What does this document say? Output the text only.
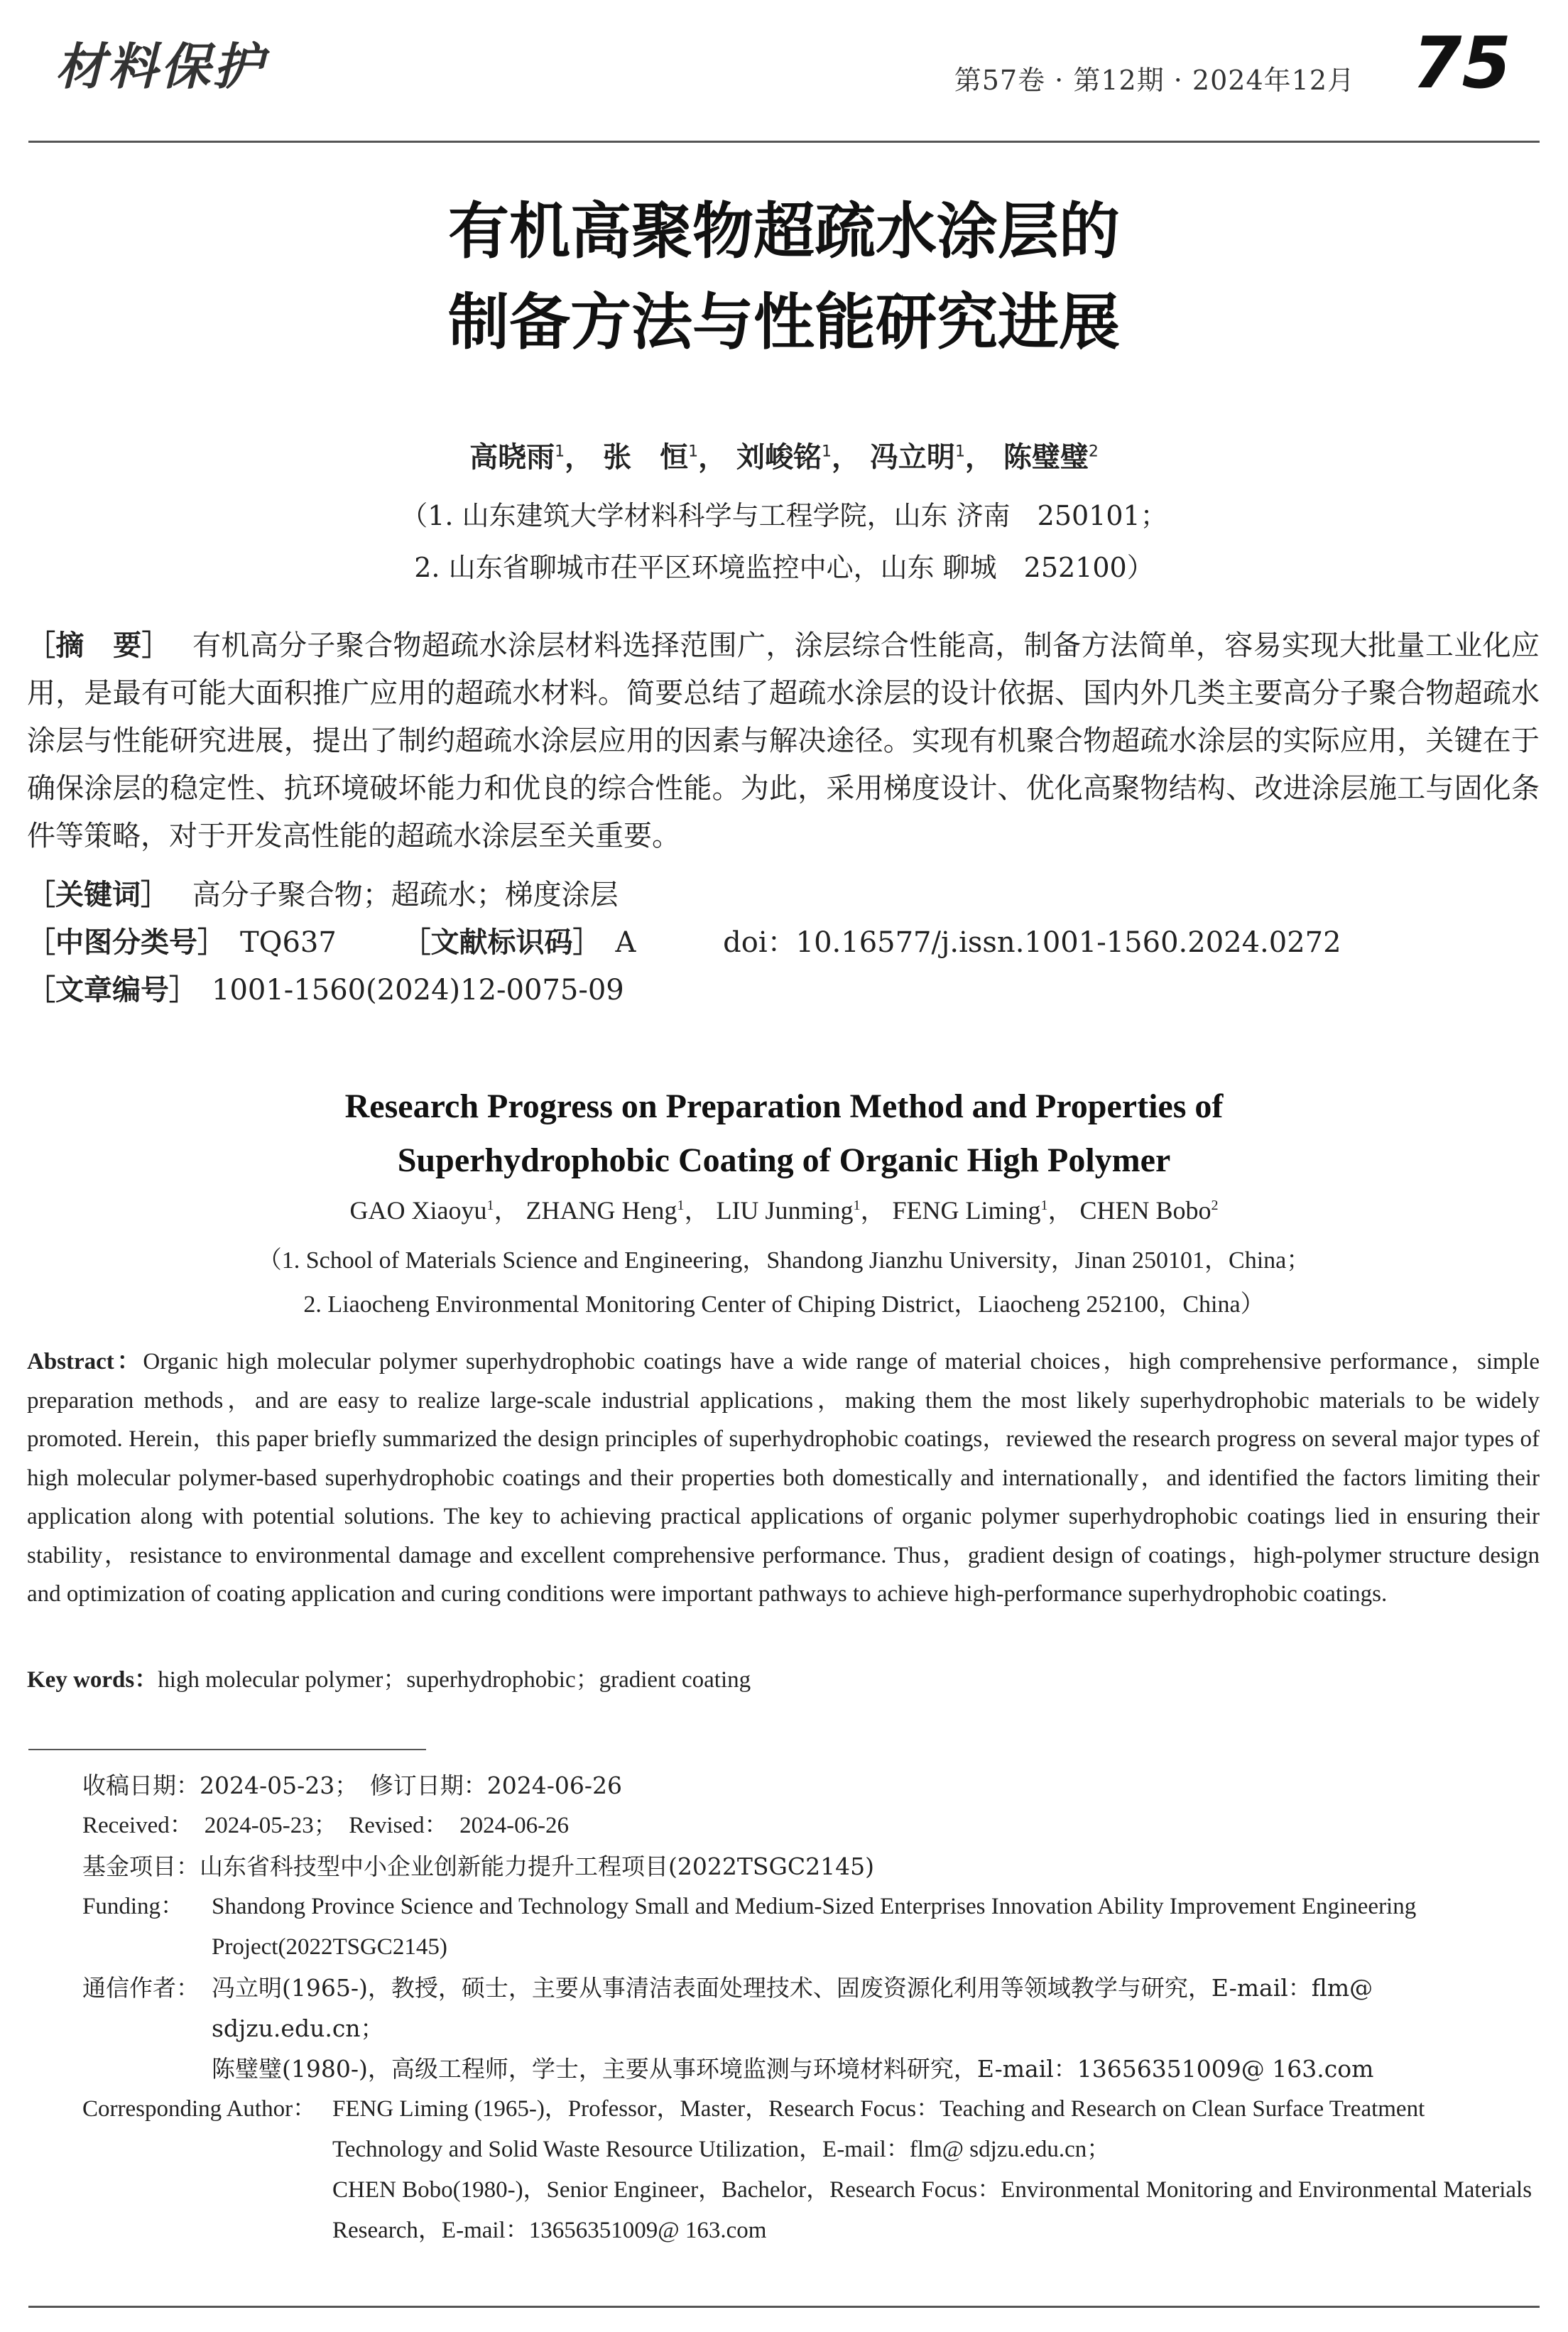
材料保护	第57卷 · 第12期 · 2024年12月 75
有机高聚物超疏水涂层的
制备方法与性能研究进展
高晓雨$^1$， 张　恒$^1$， 刘峻铭$^1$， 冯立明$^1$， 陈璧璧$^2$
（1. 山东建筑大学材料科学与工程学院，山东 济南　250101；
2. 山东省聊城市茌平区环境监控中心，山东 聊城　252100）
［摘　要］ 有机高分子聚合物超疏水涂层材料选择范围广，涂层综合性能高，制备方法简单，容易实现大批量工业化应用，是最有可能大面积推广应用的超疏水材料。简要总结了超疏水涂层的设计依据、国内外几类主要高分子聚合物超疏水涂层与性能研究进展，提出了制约超疏水涂层应用的因素与解决途径。实现有机聚合物超疏水涂层的实际应用，关键在于确保涂层的稳定性、抗环境破坏能力和优良的综合性能。为此，采用梯度设计、优化高聚物结构、改进涂层施工与固化条件等策略，对于开发高性能的超疏水涂层至关重要。
［关键词］ 高分子聚合物；超疏水；梯度涂层
［中图分类号］ TQ637 ［文献标识码］ A	doi：10.16577/j.issn.1001-1560.2024.0272
［文章编号］ 1001-1560(2024)12-0075-09
Research Progress on Preparation Method and Properties of
Superhydrophobic Coating of Organic High Polymer
GAO Xiaoyu$^1$， ZHANG Heng$^1$， LIU Junming$^1$， FENG Liming$^1$， CHEN Bobo$^2$
（1. School of Materials Science and Engineering，Shandong Jianzhu University，Jinan 250101，China；
2. Liaocheng Environmental Monitoring Center of Chiping District，Liaocheng 252100，China）
Abstract：Organic high molecular polymer superhydrophobic coatings have a wide range of material choices，high comprehensive performance，simple preparation methods，and are easy to realize large-scale industrial applications，making them the most likely superhydrophobic materials to be widely promoted. Herein，this paper briefly summarized the design principles of superhydrophobic coatings，reviewed the research progress on several major types of high molecular polymer-based superhydrophobic coatings and their properties both domestically and internationally，and identified the factors limiting their application along with potential solutions. The key to achieving practical applications of organic polymer superhydrophobic coatings lied in ensuring their stability，resistance to environmental damage and excellent comprehensive performance. Thus，gradient design of coatings，high-polymer structure design and optimization of coating application and curing conditions were important pathways to achieve high-performance superhydrophobic coatings.
Key words：high molecular polymer；superhydrophobic；gradient coating
收稿日期：2024-05-23；　修订日期：2024-06-26
Received： 2024-05-23；　Revised：　2024-06-26
基金项目：山东省科技型中小企业创新能力提升工程项目(2022TSGC2145)
Funding： Shandong Province Science and Technology Small and Medium-Sized Enterprises Innovation Ability Improvement Engineering Project(2022TSGC2145)
通信作者： 冯立明(1965-)，教授，硕士，主要从事清洁表面处理技术、固废资源化利用等领域教学与研究，E-mail：flm@ sdjzu.edu.cn；
陈璧璧(1980-)，高级工程师，学士，主要从事环境监测与环境材料研究，E-mail：13656351009@ 163.com
Corresponding Author： FENG Liming (1965-)，Professor，Master，Research Focus：Teaching and Research on Clean Surface Treatment Technology and Solid Waste Resource Utilization，E-mail：flm@ sdjzu.edu.cn；
CHEN Bobo(1980-)，Senior Engineer，Bachelor，Research Focus：Environmental Monitoring and Environmental Materials Research，E-mail：13656351009@ 163.com
